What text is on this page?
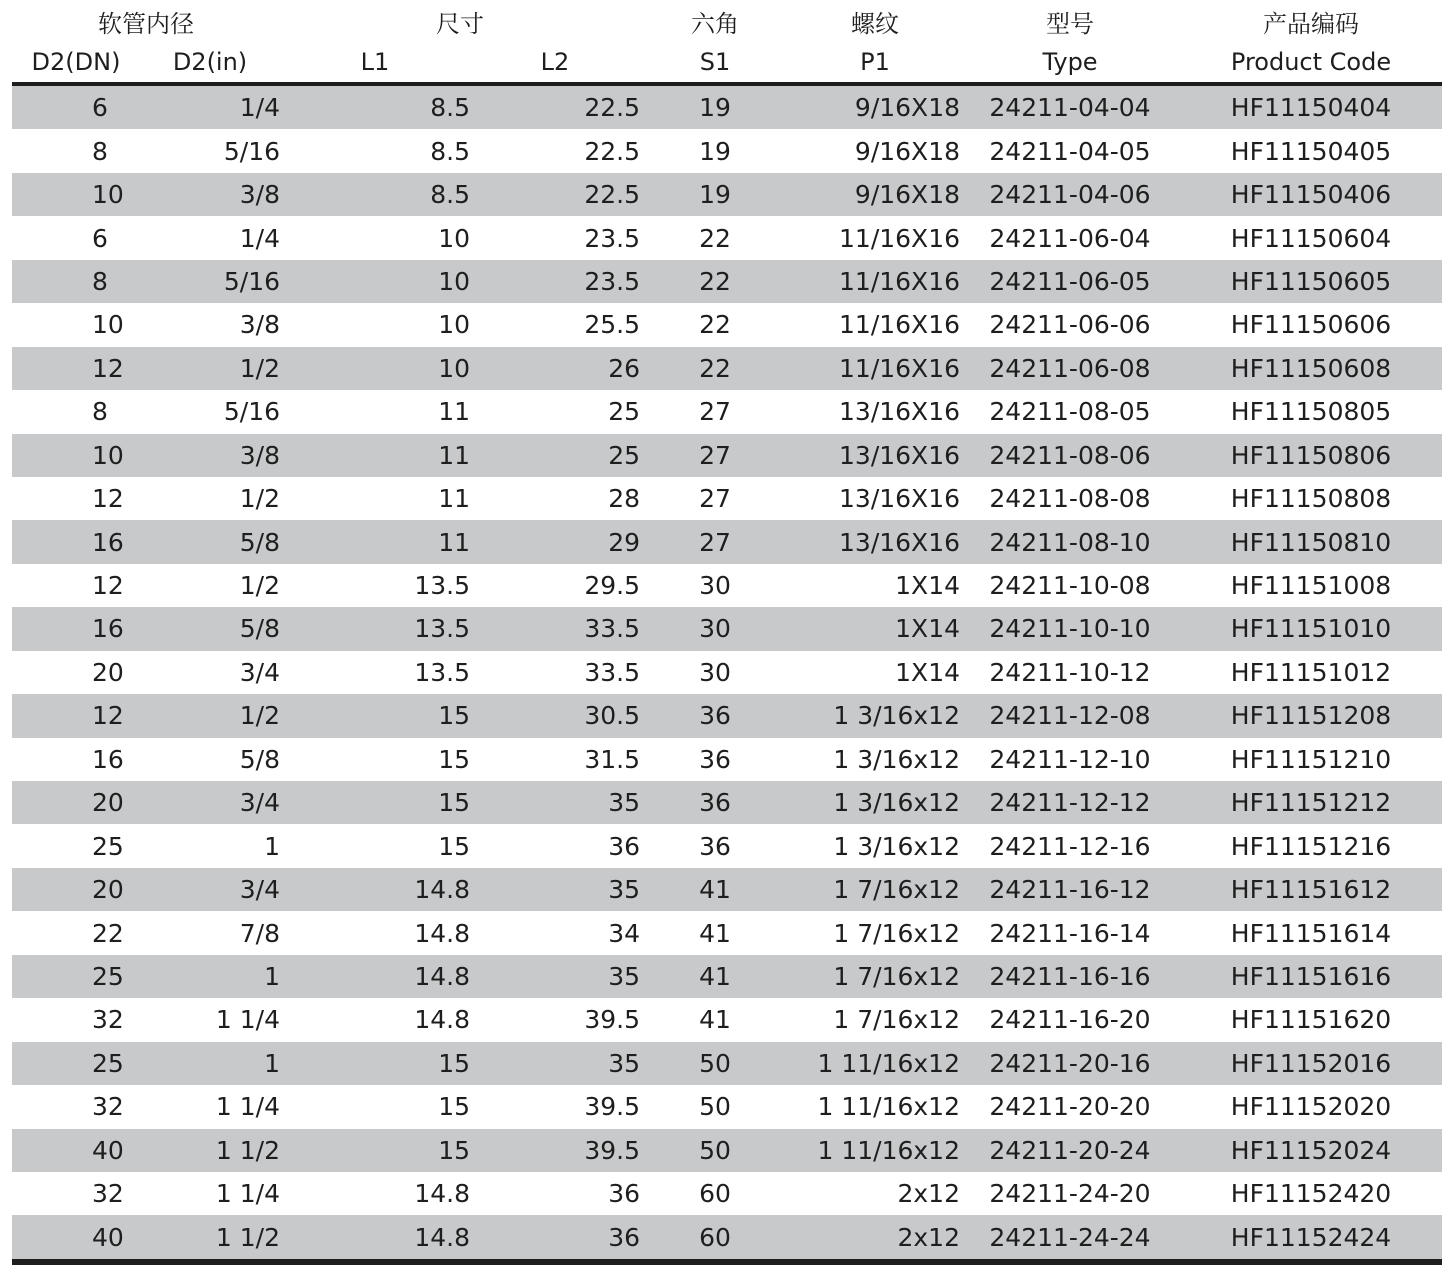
软管内径		尺寸		六角	螺纹	型号	产品编码
D2(DN)	D2(in)	L1	L2	S1	P1	Type	Product Code
6	1/4	8.5	22.5	19	9/16X18	24211-04-04	HF11150404
8	5/16	8.5	22.5	19	9/16X18	24211-04-05	HF11150405
10	3/8	8.5	22.5	19	9/16X18	24211-04-06	HF11150406
6	1/4	10	23.5	22	11/16X16	24211-06-04	HF11150604
8	5/16	10	23.5	22	11/16X16	24211-06-05	HF11150605
10	3/8	10	25.5	22	11/16X16	24211-06-06	HF11150606
12	1/2	10	26	22	11/16X16	24211-06-08	HF11150608
8	5/16	11	25	27	13/16X16	24211-08-05	HF11150805
10	3/8	11	25	27	13/16X16	24211-08-06	HF11150806
12	1/2	11	28	27	13/16X16	24211-08-08	HF11150808
16	5/8	11	29	27	13/16X16	24211-08-10	HF11150810
12	1/2	13.5	29.5	30	1X14	24211-10-08	HF11151008
16	5/8	13.5	33.5	30	1X14	24211-10-10	HF11151010
20	3/4	13.5	33.5	30	1X14	24211-10-12	HF11151012
12	1/2	15	30.5	36	1 3/16x12	24211-12-08	HF11151208
16	5/8	15	31.5	36	1 3/16x12	24211-12-10	HF11151210
20	3/4	15	35	36	1 3/16x12	24211-12-12	HF11151212
25	1	15	36	36	1 3/16x12	24211-12-16	HF11151216
20	3/4	14.8	35	41	1 7/16x12	24211-16-12	HF11151612
22	7/8	14.8	34	41	1 7/16x12	24211-16-14	HF11151614
25	1	14.8	35	41	1 7/16x12	24211-16-16	HF11151616
32	1 1/4	14.8	39.5	41	1 7/16x12	24211-16-20	HF11151620
25	1	15	35	50	1 11/16x12	24211-20-16	HF11152016
32	1 1/4	15	39.5	50	1 11/16x12	24211-20-20	HF11152020
40	1 1/2	15	39.5	50	1 11/16x12	24211-20-24	HF11152024
32	1 1/4	14.8	36	60	2x12	24211-24-20	HF11152420
40	1 1/2	14.8	36	60	2x12	24211-24-24	HF11152424
